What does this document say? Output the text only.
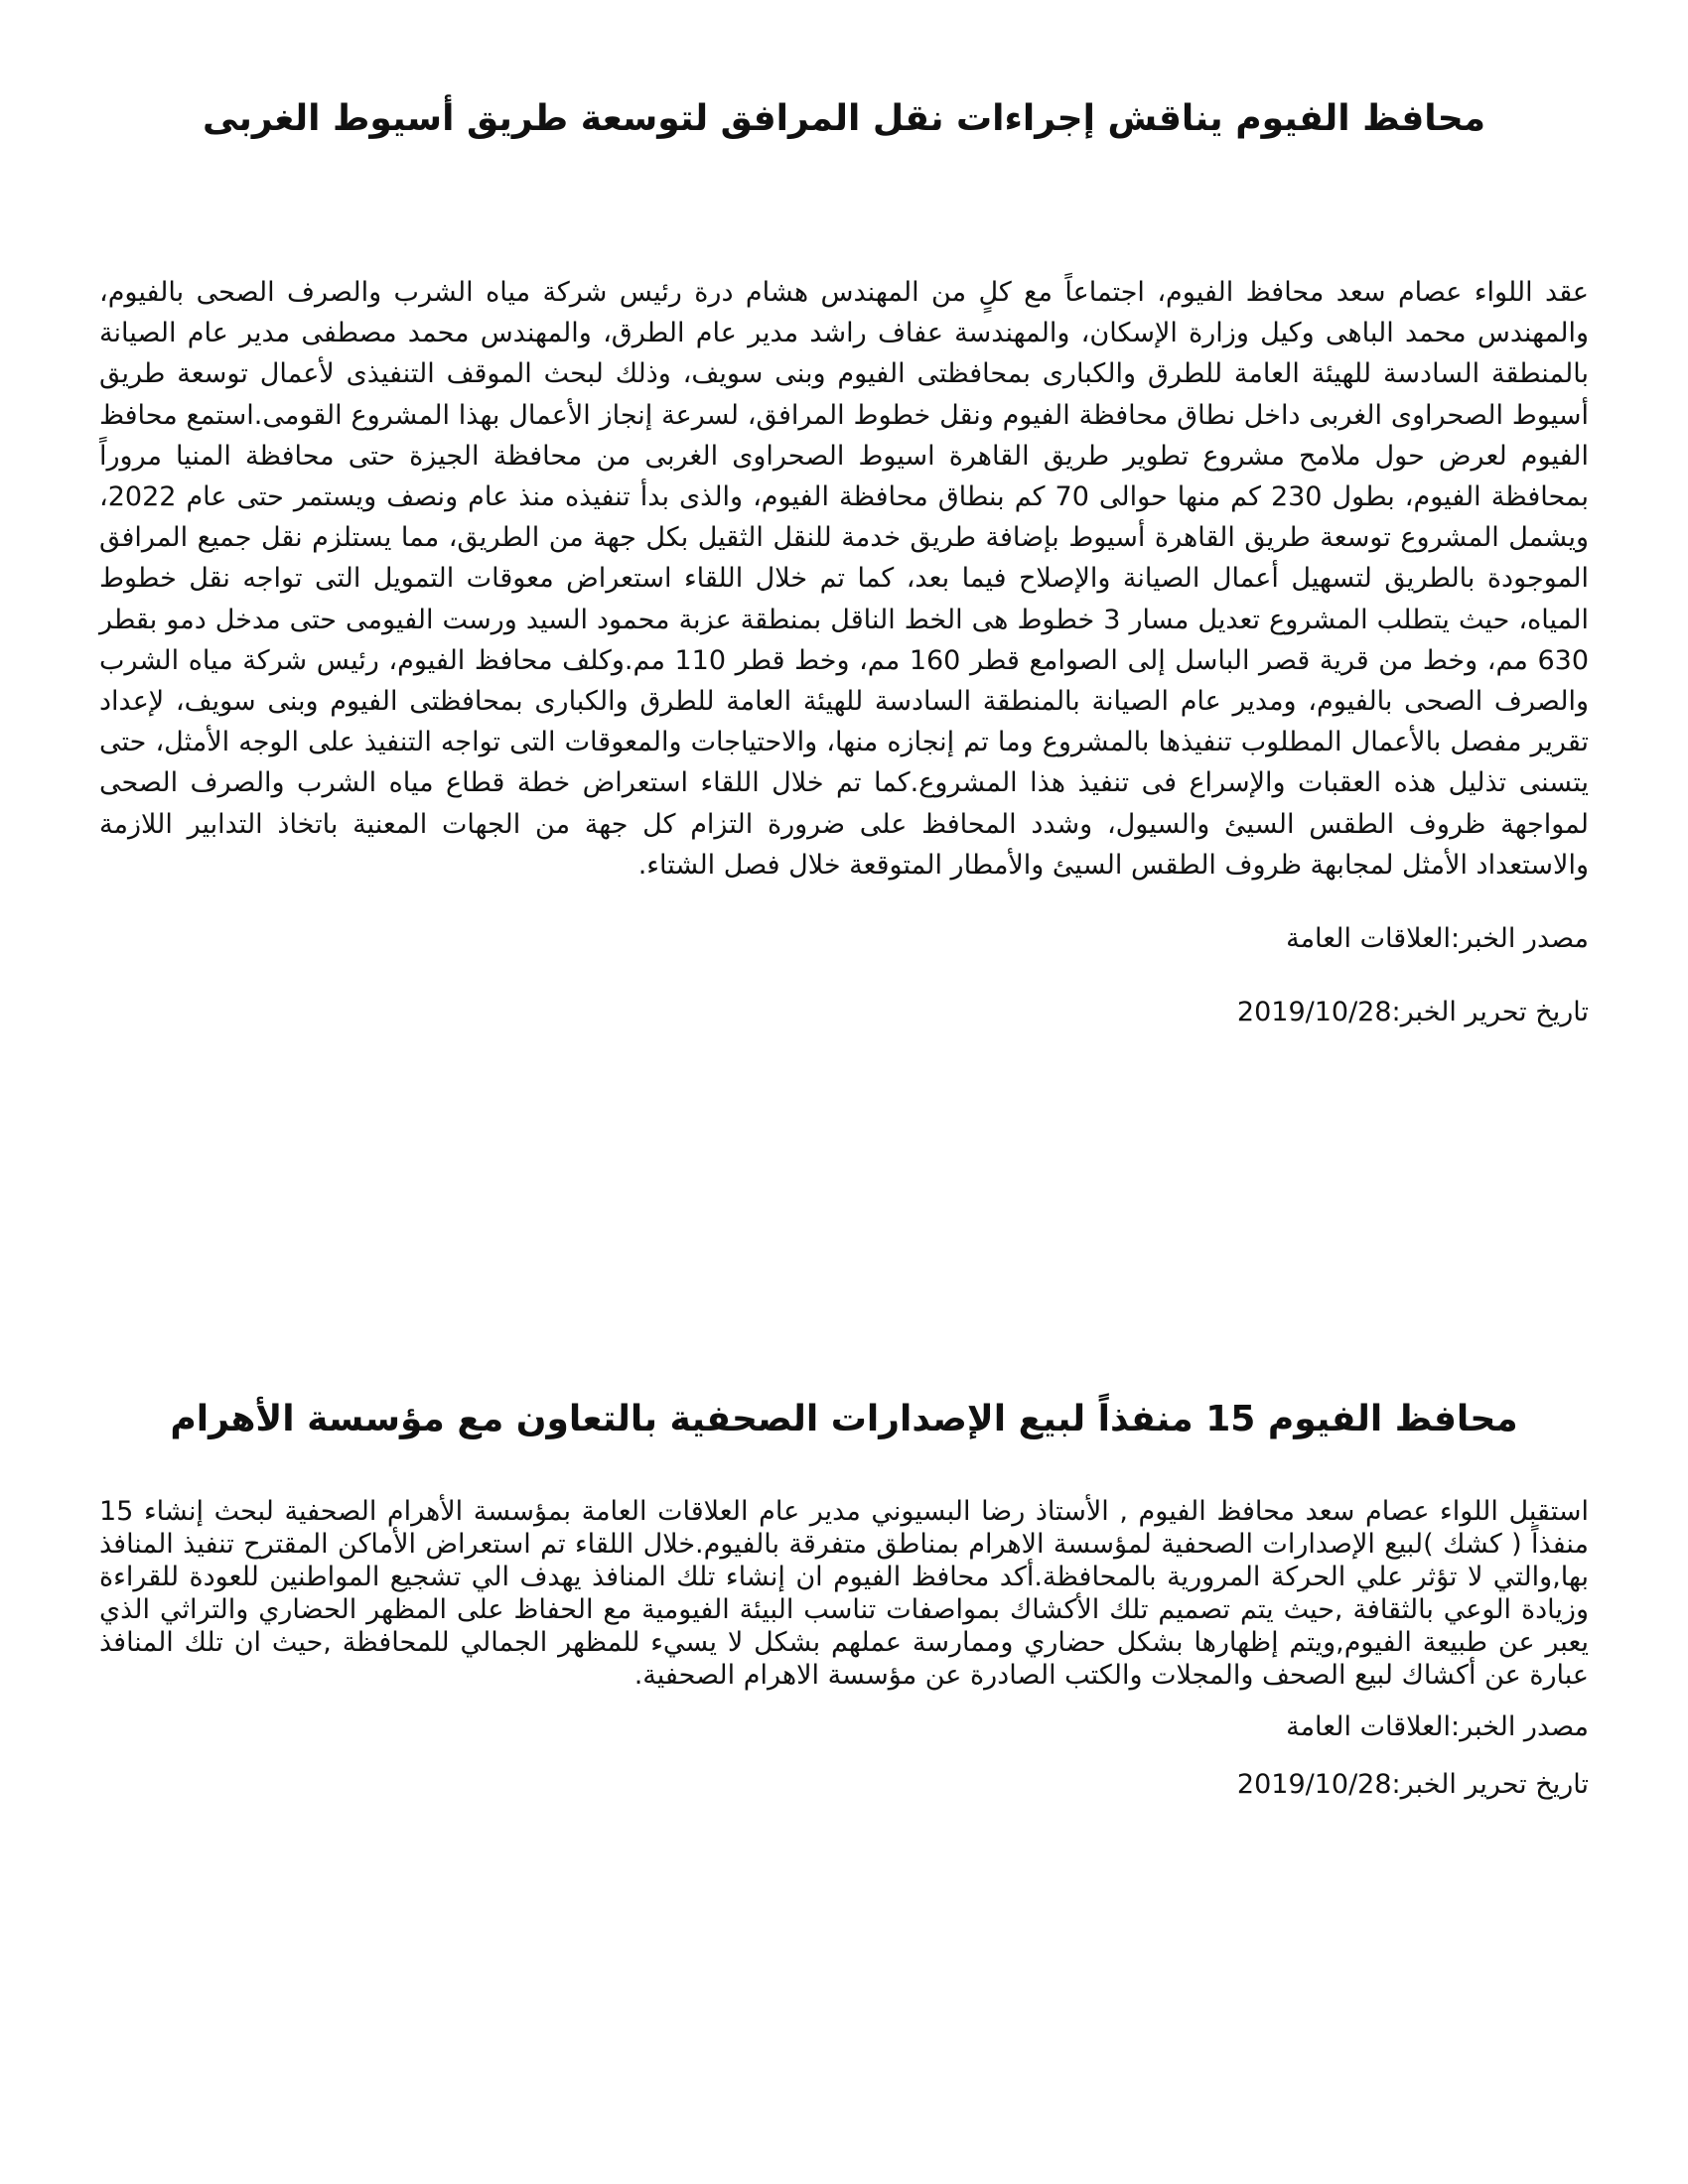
محافظ الفيوم يناقش إجراءات نقل المرافق لتوسعة طريق أسيوط الغربى

عقد اللواء عصام سعد محافظ الفيوم، اجتماعاً مع كلٍ من المهندس هشام درة رئيس شركة مياه الشرب والصرف الصحى بالفيوم، والمهندس محمد الباهى وكيل وزارة الإسكان، والمهندسة عفاف راشد مدير عام الطرق، والمهندس محمد مصطفى مدير عام الصيانة بالمنطقة السادسة للهيئة العامة للطرق والكبارى بمحافظتى الفيوم وبنى سويف، وذلك لبحث الموقف التنفيذى لأعمال توسعة طريق أسيوط الصحراوى الغربى داخل نطاق محافظة الفيوم ونقل خطوط المرافق، لسرعة إنجاز الأعمال بهذا المشروع القومى.استمع محافظ الفيوم لعرض حول ملامح مشروع تطوير طريق القاهرة اسيوط الصحراوى الغربى من محافظة الجيزة حتى محافظة المنيا مروراً بمحافظة الفيوم، بطول 230 كم منها حوالى 70 كم بنطاق محافظة الفيوم، والذى بدأ تنفيذه منذ عام ونصف ويستمر حتى عام 2022، ويشمل المشروع توسعة طريق القاهرة أسيوط بإضافة طريق خدمة للنقل الثقيل بكل جهة من الطريق، مما يستلزم نقل جميع المرافق الموجودة بالطريق لتسهيل أعمال الصيانة والإصلاح فيما بعد، كما تم خلال اللقاء استعراض معوقات التمويل التى تواجه نقل خطوط المياه، حيث يتطلب المشروع تعديل مسار 3 خطوط هى الخط الناقل بمنطقة عزبة محمود السيد ورست الفيومى حتى مدخل دمو بقطر 630 مم، وخط من قرية قصر الباسل إلى الصوامع قطر 160 مم، وخط قطر 110 مم.وكلف محافظ الفيوم، رئيس شركة مياه الشرب والصرف الصحى بالفيوم، ومدير عام الصيانة بالمنطقة السادسة للهيئة العامة للطرق والكبارى بمحافظتى الفيوم وبنى سويف، لإعداد تقرير مفصل بالأعمال المطلوب تنفيذها بالمشروع وما تم إنجازه منها، والاحتياجات والمعوقات التى تواجه التنفيذ على الوجه الأمثل، حتى يتسنى تذليل هذه العقبات والإسراع فى تنفيذ هذا المشروع.كما تم خلال اللقاء استعراض خطة قطاع مياه الشرب والصرف الصحى لمواجهة ظروف الطقس السيئ والسيول، وشدد المحافظ على ضرورة التزام كل جهة من الجهات المعنية باتخاذ التدابير اللازمة والاستعداد الأمثل لمجابهة ظروف الطقس السيئ والأمطار المتوقعة خلال فصل الشتاء.

مصدر الخبر:العلاقات العامة

تاريخ تحرير الخبر:2019/10/28

محافظ الفيوم 15 منفذاً لبيع الإصدارات الصحفية بالتعاون مع مؤسسة الأهرام

استقبل اللواء عصام سعد محافظ الفيوم , الأستاذ رضا البسيوني مدير عام العلاقات العامة بمؤسسة الأهرام الصحفية لبحث إنشاء 15 منفذاً ( كشك )لبيع الإصدارات الصحفية لمؤسسة الاهرام بمناطق متفرقة بالفيوم.خلال اللقاء تم استعراض الأماكن المقترح تنفيذ المنافذ بها,والتي لا تؤثر علي الحركة المرورية بالمحافظة.أكد محافظ الفيوم ان إنشاء تلك المنافذ يهدف الي تشجيع المواطنين للعودة للقراءة وزيادة الوعي بالثقافة ,حيث يتم تصميم تلك الأكشاك بمواصفات تناسب البيئة الفيومية مع الحفاظ على المظهر الحضاري والتراثي الذي يعبر عن طبيعة الفيوم,ويتم إظهارها بشكل حضاري وممارسة عملهم بشكل لا يسيء للمظهر الجمالي للمحافظة ,حيث ان تلك المنافذ عبارة عن أكشاك لبيع الصحف والمجلات والكتب الصادرة عن مؤسسة الاهرام الصحفية.

مصدر الخبر:العلاقات العامة

تاريخ تحرير الخبر:2019/10/28
